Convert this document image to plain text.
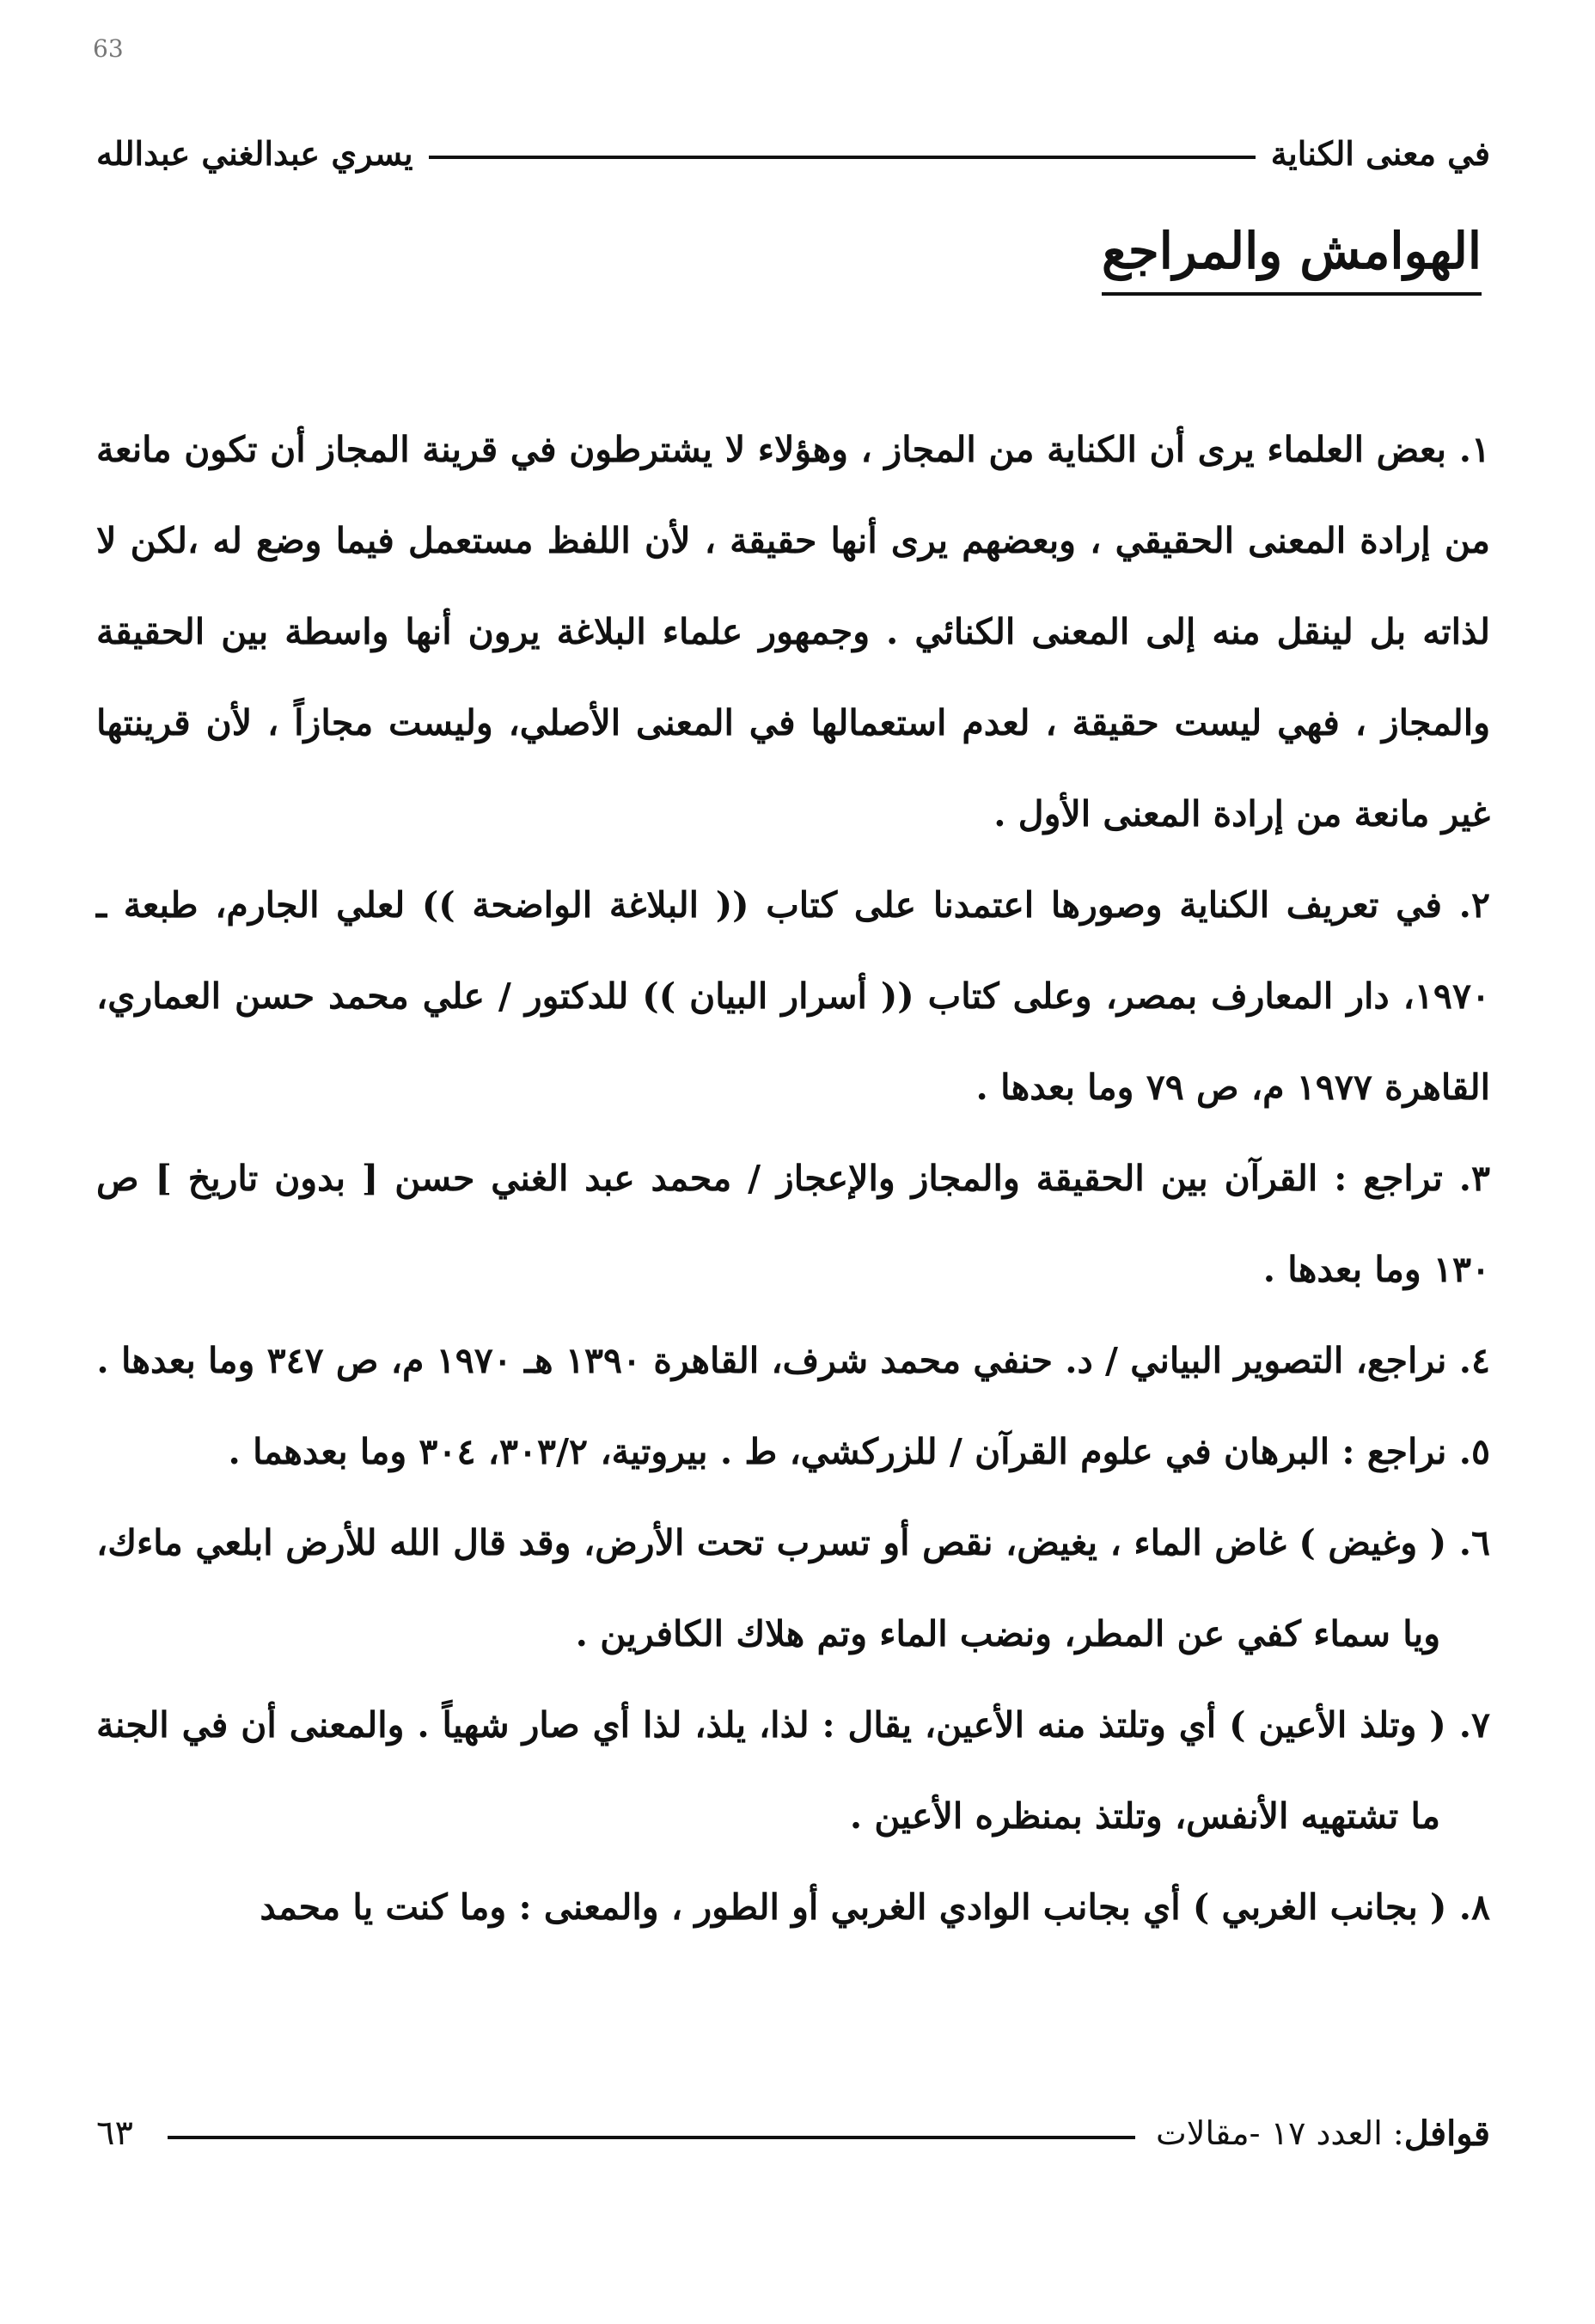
63
في معنى الكناية
يسري عبدالغني عبدالله
الهوامش والمراجع
١. بعض العلماء يرى أن الكناية من المجاز ، وهؤلاء لا يشترطون في قرينة المجاز أن تكون مانعة من إرادة المعنى الحقيقي ، وبعضهم يرى أنها حقيقة ، لأن اللفظ مستعمل فيما وضع له ،لكن لا لذاته بل لينقل منه إلى المعنى الكنائي . وجمهور علماء البلاغة يرون أنها واسطة بين الحقيقة والمجاز ، فهي ليست حقيقة ، لعدم استعمالها في المعنى الأصلي، وليست مجازاً ، لأن قرينتها غير مانعة من إرادة المعنى الأول .
٢. في تعريف الكناية وصورها اعتمدنا على كتاب (( البلاغة الواضحة )) لعلي الجارم، طبعة ـ ١٩٧٠، دار المعارف بمصر، وعلى كتاب (( أسرار البيان )) للدكتور / علي محمد حسن العماري، القاهرة ١٩٧٧ م، ص ٧٩ وما بعدها .
٣. تراجع : القرآن بين الحقيقة والمجاز والإعجاز / محمد عبد الغني حسن [ بدون تاريخ ] ص ١٣٠ وما بعدها .
٤. نراجع، التصوير البياني / د. حنفي محمد شرف، القاهرة ١٣٩٠ هـ ١٩٧٠ م، ص ٣٤٧ وما بعدها .
٥. نراجع : البرهان في علوم القرآن / للزركشي، ط . بيروتية، ٣٠٣/٢، ٣٠٤ وما بعدهما .
٦. ( وغيض ) غاض الماء ، يغيض، نقص أو تسرب تحت الأرض، وقد قال الله للأرض ابلعي ماءك، ويا سماء كفي عن المطر، ونضب الماء وتم هلاك الكافرين .
٧. ( وتلذ الأعين ) أي وتلتذ منه الأعين، يقال : لذا، يلذ، لذا أي صار شهياً . والمعنى أن في الجنة ما تشتهيه الأنفس، وتلتذ بمنظره الأعين .
٨. ( بجانب الغربي ) أي بجانب الوادي الغربي أو الطور ، والمعنى : وما كنت يا محمد
قوافل
: العدد ١٧ -مقالات
٦٣
